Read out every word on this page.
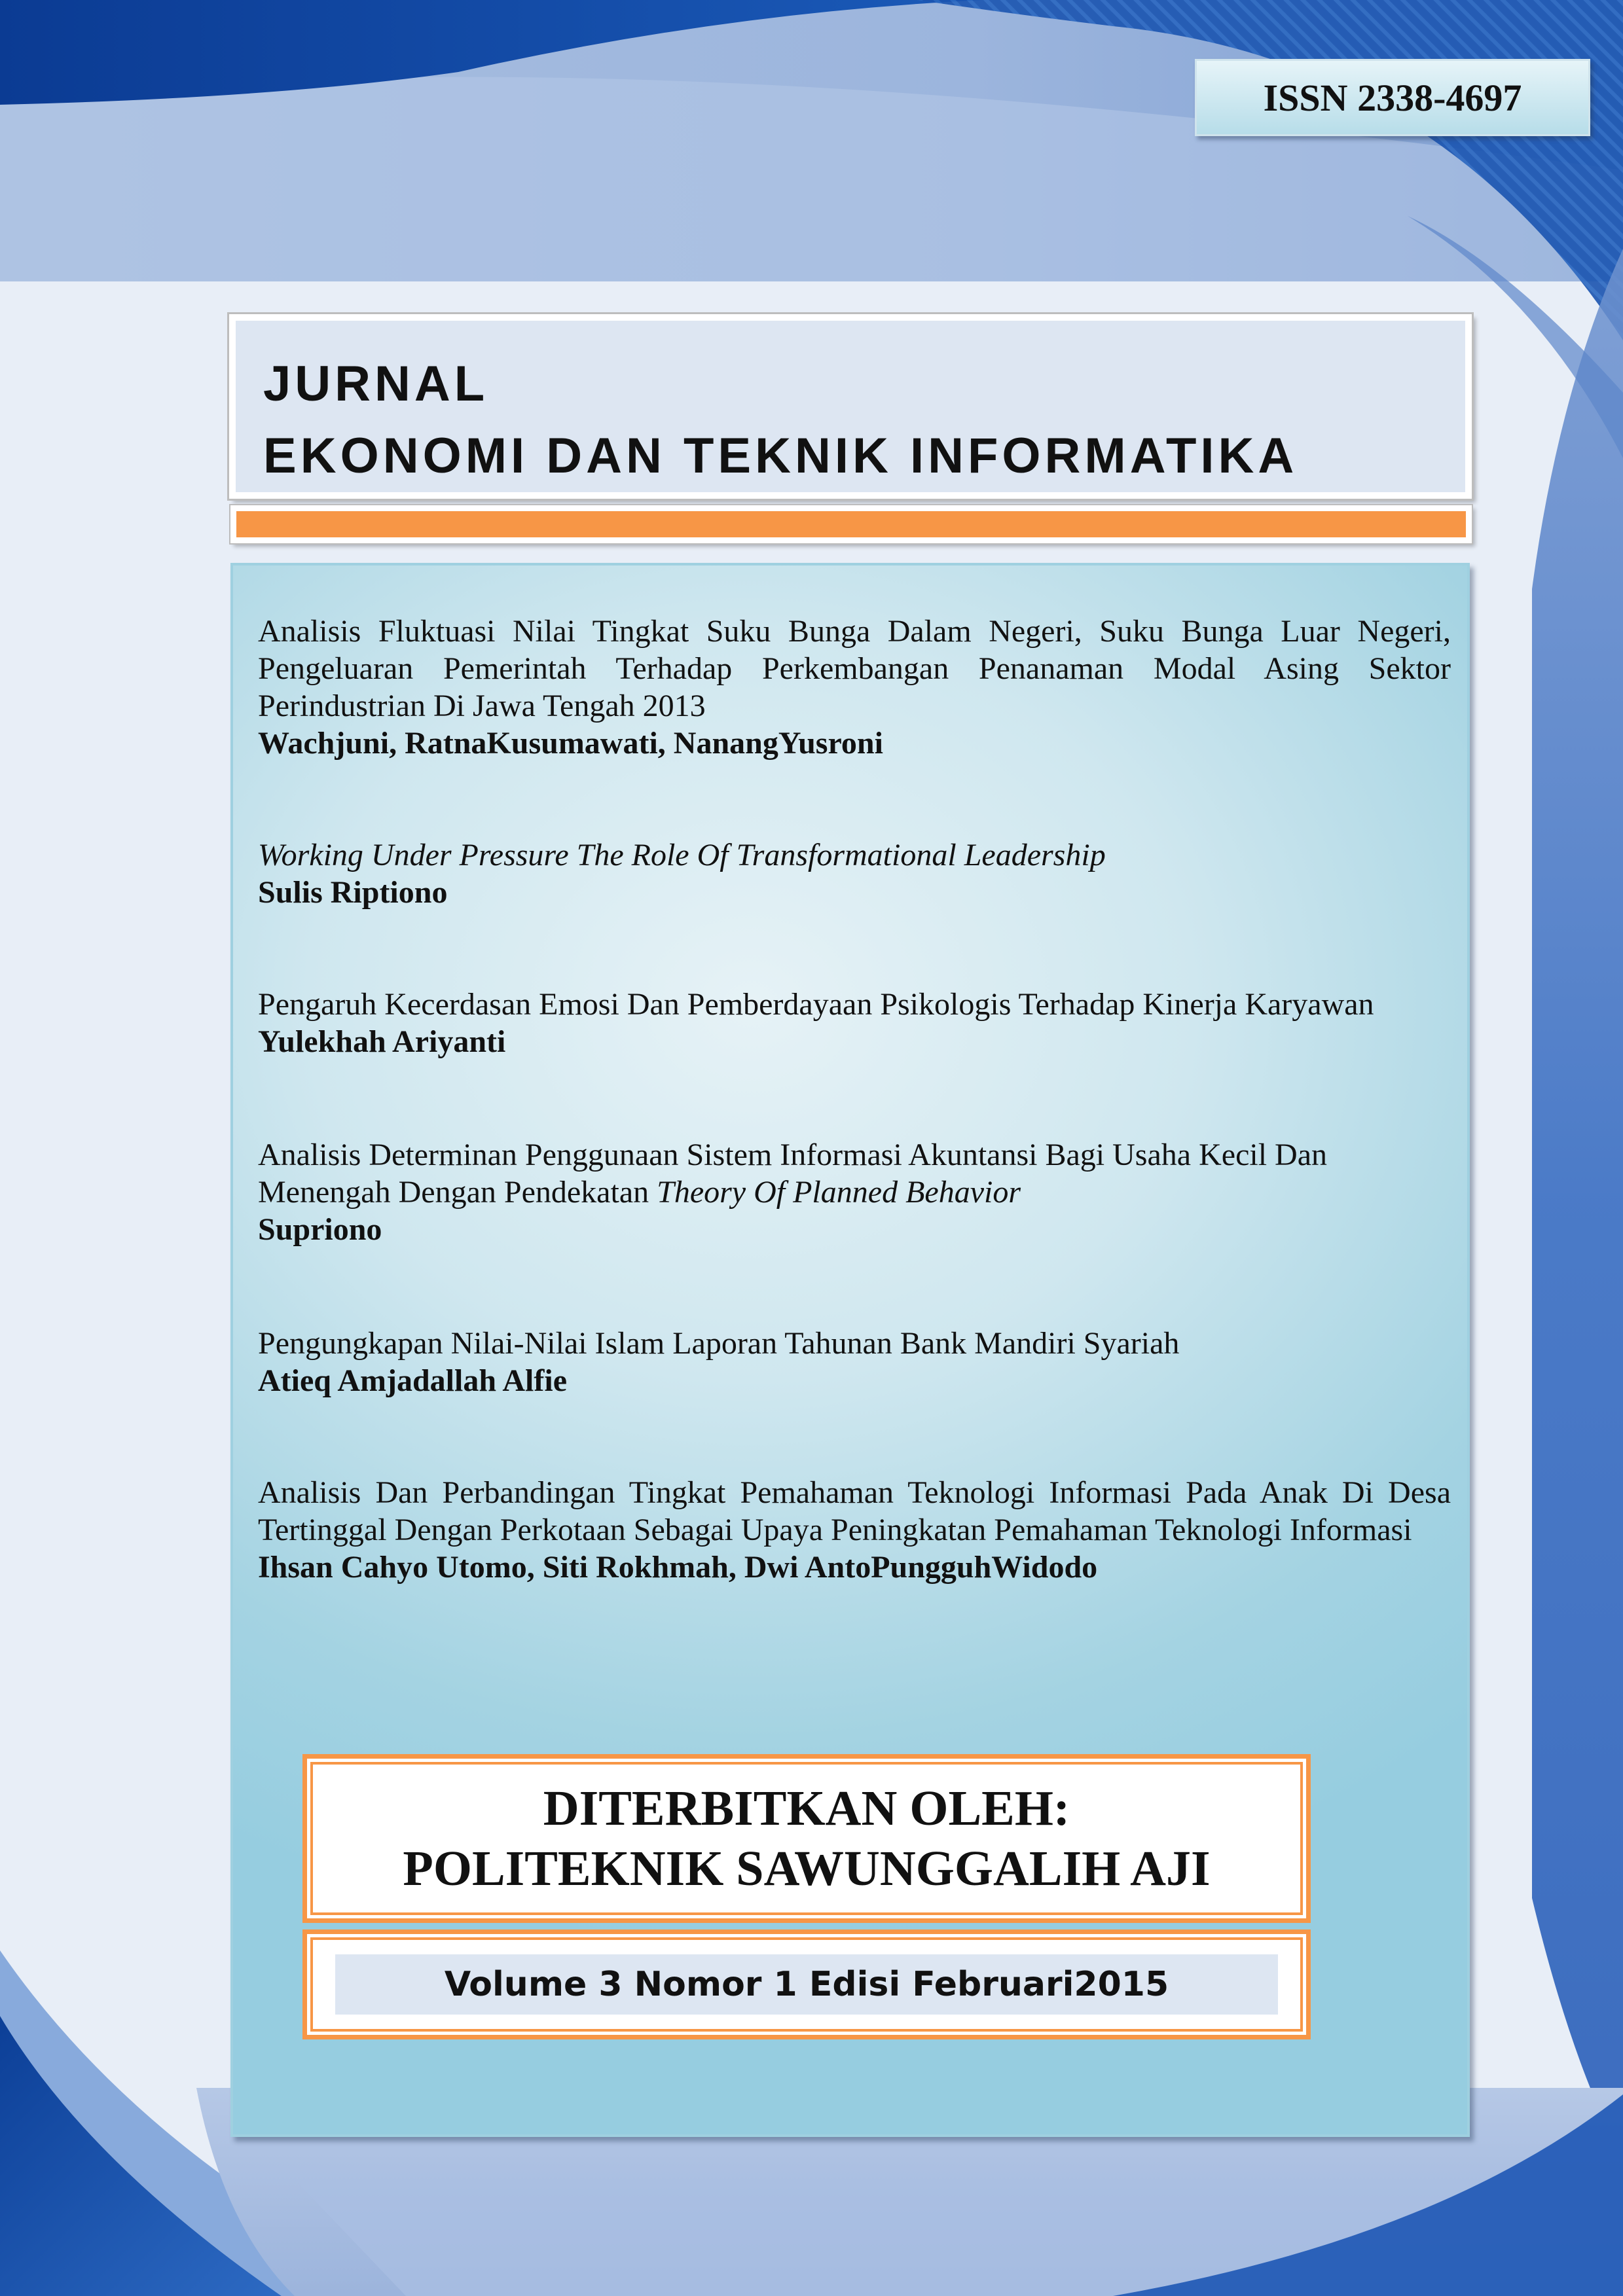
ISSN 2338-4697
JURNAL
EKONOMI DAN TEKNIK INFORMATIKA
Analisis Fluktuasi Nilai Tingkat Suku Bunga Dalam Negeri, Suku Bunga Luar Negeri, Pengeluaran Pemerintah Terhadap Perkembangan Penanaman Modal Asing Sektor Perindustrian Di Jawa Tengah 2013
Wachjuni, RatnaKusumawati, NanangYusroni
Working Under Pressure The Role Of Transformational Leadership
Sulis Riptiono
Pengaruh Kecerdasan Emosi Dan Pemberdayaan Psikologis Terhadap Kinerja Karyawan
Yulekhah Ariyanti
Analisis Determinan Penggunaan Sistem Informasi Akuntansi Bagi Usaha Kecil Dan Menengah Dengan Pendekatan Theory Of Planned Behavior
Supriono
Pengungkapan Nilai-Nilai Islam Laporan Tahunan Bank Mandiri Syariah
Atieq Amjadallah Alfie
Analisis Dan Perbandingan Tingkat Pemahaman Teknologi Informasi Pada Anak Di Desa Tertinggal Dengan Perkotaan Sebagai Upaya Peningkatan Pemahaman Teknologi Informasi
Ihsan Cahyo Utomo, Siti Rokhmah, Dwi AntoPungguhWidodo
DITERBITKAN OLEH:
POLITEKNIK SAWUNGGALIH AJI
Volume 3 Nomor 1 Edisi Februari2015
